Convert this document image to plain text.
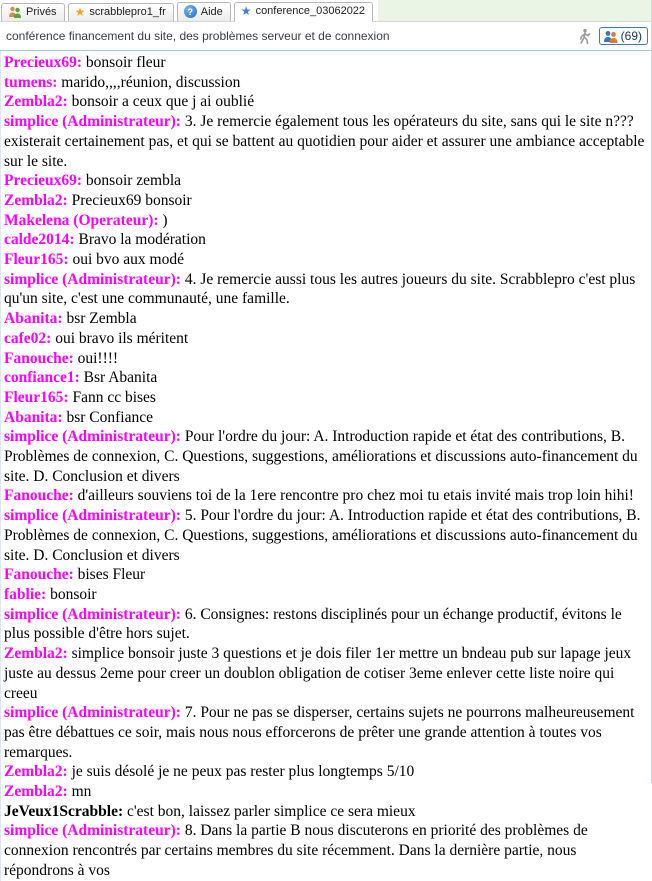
Privés ★ scrabblepro1_fr	? Aide ★ conference_03062022
conférence financement du site, des problèmes serveur et de connexion	(69)
Precieux69: bonsoir fleur
tumens: marido,,,,réunion, discussion
Zembla2: bonsoir a ceux que j ai oublié
simplice (Administrateur): 3. Je remercie également tous les opérateurs du site, sans qui le site n??? existerait certainement pas, et qui se battent au quotidien pour aider et assurer une ambiance acceptable sur le site.
Precieux69: bonsoir zembla
Zembla2: Precieux69 bonsoir
Makelena (Operateur): )
calde2014: Bravo la modération
Fleur165: oui bvo aux modé
simplice (Administrateur): 4. Je remercie aussi tous les autres joueurs du site. Scrabblepro c'est plus qu'un site, c'est une communauté, une famille.
Abanita: bsr Zembla
cafe02: oui bravo ils méritent
Fanouche: oui!!!!
confiance1: Bsr Abanita
Fleur165: Fann cc bises
Abanita: bsr Confiance
simplice (Administrateur): Pour l'ordre du jour: A. Introduction rapide et état des contributions, B. Problèmes de connexion, C. Questions, suggestions, améliorations et discussions auto-financement du site. D. Conclusion et divers
Fanouche: d'ailleurs souviens toi de la 1ere rencontre pro chez moi tu etais invité mais trop loin hihi!
simplice (Administrateur): 5. Pour l'ordre du jour: A. Introduction rapide et état des contributions, B. Problèmes de connexion, C. Questions, suggestions, améliorations et discussions auto-financement du site. D. Conclusion et divers
Fanouche: bises Fleur
fablie: bonsoir
simplice (Administrateur): 6. Consignes: restons disciplinés pour un échange productif, évitons le plus possible d'être hors sujet.
Zembla2: simplice bonsoir juste 3 questions et je dois filer 1er mettre un bndeau pub sur lapage jeux juste au dessus 2eme pour creer un doublon obligation de cotiser 3eme enlever cette liste noire qui creeu
simplice (Administrateur): 7. Pour ne pas se disperser, certains sujets ne pourrons malheureusement pas être débattues ce soir, mais nous nous efforcerons de prêter une grande attention à toutes vos remarques.
Zembla2: je suis désolé je ne peux pas rester plus longtemps 5/10
Zembla2: mn
JeVeux1Scrabble: c'est bon, laissez parler simplice ce sera mieux
simplice (Administrateur): 8. Dans la partie B nous discuterons en priorité des problèmes de connexion rencontrés par certains membres du site récemment. Dans la dernière partie, nous répondrons à vos
